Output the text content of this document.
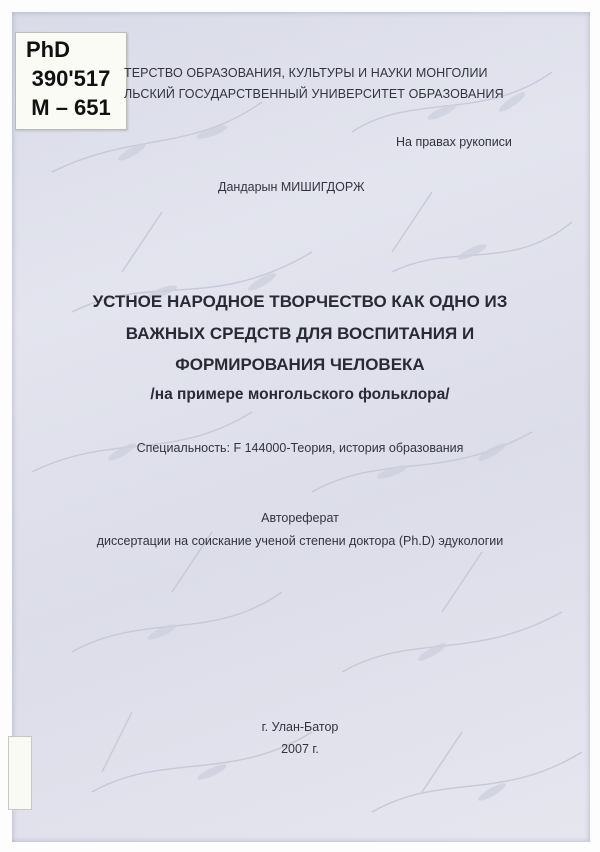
PhD
390'517
M – 651
ТЕРСТВО ОБРАЗОВАНИЯ, КУЛЬТУРЫ И НАУКИ МОНГОЛИИ
ЛЬСКИЙ ГОСУДАРСТВЕННЫЙ УНИВЕРСИТЕТ ОБРАЗОВАНИЯ
На правах рукописи
Дандарын МИШИГДОРЖ
УСТНОЕ НАРОДНОЕ ТВОРЧЕСТВО КАК ОДНО ИЗ
ВАЖНЫХ СРЕДСТВ ДЛЯ ВОСПИТАНИЯ И
ФОРМИРОВАНИЯ ЧЕЛОВЕКА
/на примере монгольского фольклора/
Специальность: F 144000-Теория, история образования
Автореферат
диссертации на соискание ученой степени доктора (Ph.D) эдукологии
г. Улан-Батор
2007 г.
